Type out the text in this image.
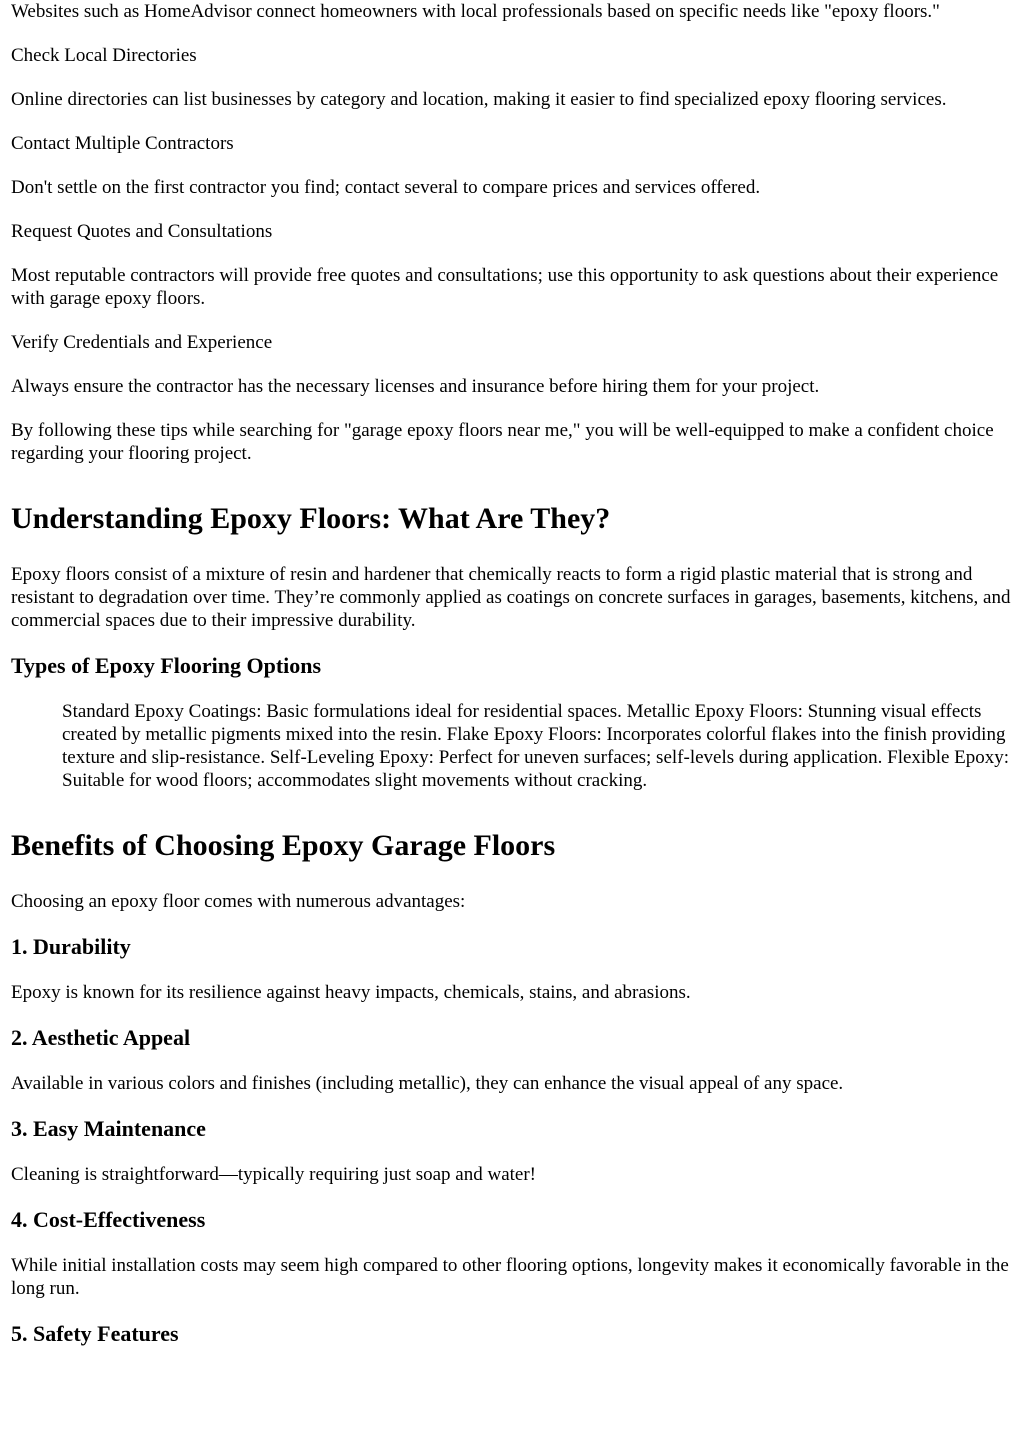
Websites such as HomeAdvisor connect homeowners with local professionals based on specific needs like "epoxy floors."

Check Local Directories

Online directories can list businesses by category and location, making it easier to find specialized epoxy flooring services.

Contact Multiple Contractors

Don't settle on the first contractor you find; contact several to compare prices and services offered.

Request Quotes and Consultations

Most reputable contractors will provide free quotes and consultations; use this opportunity to ask questions about their experience with garage epoxy floors.

Verify Credentials and Experience

Always ensure the contractor has the necessary licenses and insurance before hiring them for your project.

By following these tips while searching for "garage epoxy floors near me," you will be well-equipped to make a confident choice regarding your flooring project.

Understanding Epoxy Floors: What Are They?

Epoxy floors consist of a mixture of resin and hardener that chemically reacts to form a rigid plastic material that is strong and resistant to degradation over time. They’re commonly applied as coatings on concrete surfaces in garages, basements, kitchens, and commercial spaces due to their impressive durability.

Types of Epoxy Flooring Options
Standard Epoxy Coatings: Basic formulations ideal for residential spaces. Metallic Epoxy Floors: Stunning visual effects created by metallic pigments mixed into the resin. Flake Epoxy Floors: Incorporates colorful flakes into the finish providing texture and slip-resistance. Self-Leveling Epoxy: Perfect for uneven surfaces; self-levels during application. Flexible Epoxy: Suitable for wood floors; accommodates slight movements without cracking.
Benefits of Choosing Epoxy Garage Floors

Choosing an epoxy floor comes with numerous advantages:

1. Durability

Epoxy is known for its resilience against heavy impacts, chemicals, stains, and abrasions.

2. Aesthetic Appeal

Available in various colors and finishes (including metallic), they can enhance the visual appeal of any space.

3. Easy Maintenance

Cleaning is straightforward—typically requiring just soap and water!

4. Cost-Effectiveness

While initial installation costs may seem high compared to other flooring options, longevity makes it economically favorable in the long run.

5. Safety Features
